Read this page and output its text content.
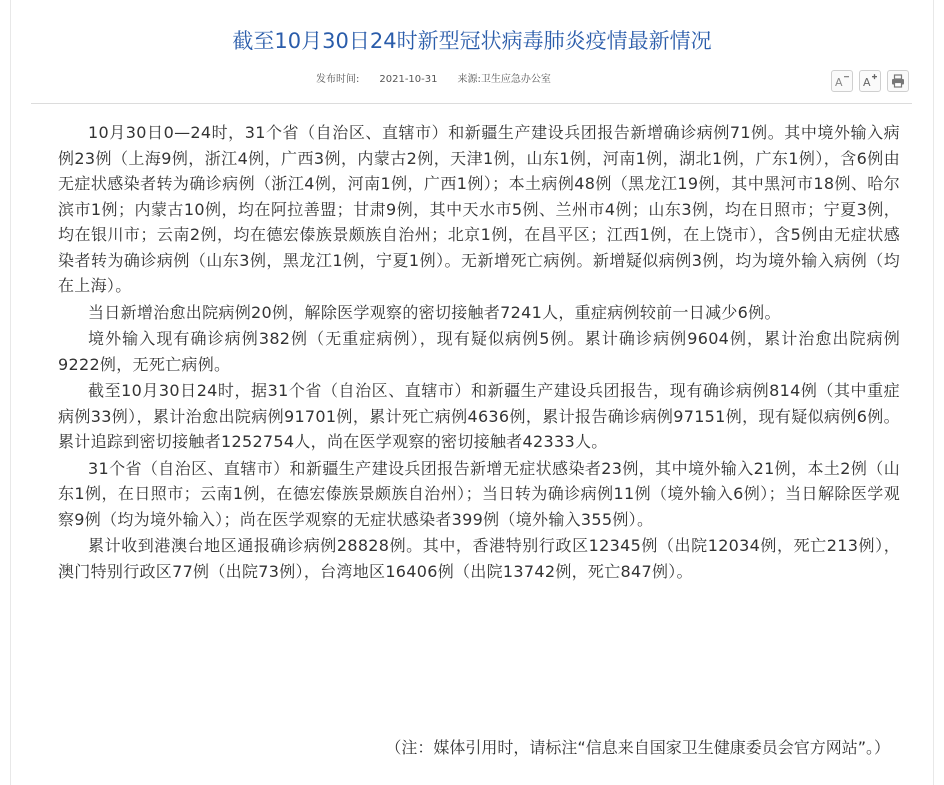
截至10月30日24时新型冠状病毒肺炎疫情最新情况
发布时间: 2021-10-31 来源:卫生应急办公室	A A

10月30日0—24时，31个省（自治区、直辖市）和新疆生产建设兵团报告新增确诊病例71例。其中境外输入病例23例（上海9例，浙江4例，广西3例，内蒙古2例，天津1例，山东1例，河南1例，湖北1例，广东1例），含6例由无症状感染者转为确诊病例（浙江4例，河南1例，广西1例）；本土病例48例（黑龙江19例，其中黑河市18例、哈尔滨市1例；内蒙古10例，均在阿拉善盟；甘肃9例，其中天水市5例、兰州市4例；山东3例，均在日照市；宁夏3例，均在银川市；云南2例，均在德宏傣族景颇族自治州；北京1例，在昌平区；江西1例，在上饶市），含5例由无症状感染者转为确诊病例（山东3例，黑龙江1例，宁夏1例）。无新增死亡病例。新增疑似病例3例，均为境外输入病例（均在上海）。

当日新增治愈出院病例20例，解除医学观察的密切接触者7241人，重症病例较前一日减少6例。

境外输入现有确诊病例382例（无重症病例），现有疑似病例5例。累计确诊病例9604例，累计治愈出院病例9222例，无死亡病例。

截至10月30日24时，据31个省（自治区、直辖市）和新疆生产建设兵团报告，现有确诊病例814例（其中重症病例33例），累计治愈出院病例91701例，累计死亡病例4636例，累计报告确诊病例97151例，现有疑似病例6例。累计追踪到密切接触者1252754人，尚在医学观察的密切接触者42333人。

31个省（自治区、直辖市）和新疆生产建设兵团报告新增无症状感染者23例，其中境外输入21例，本土2例（山东1例，在日照市；云南1例，在德宏傣族景颇族自治州）；当日转为确诊病例11例（境外输入6例）；当日解除医学观察9例（均为境外输入）；尚在医学观察的无症状感染者399例（境外输入355例）。

累计收到港澳台地区通报确诊病例28828例。其中，香港特别行政区12345例（出院12034例，死亡213例），澳门特别行政区77例（出院73例），台湾地区16406例（出院13742例，死亡847例）。

（注：媒体引用时，请标注“信息来自国家卫生健康委员会官方网站”。）
